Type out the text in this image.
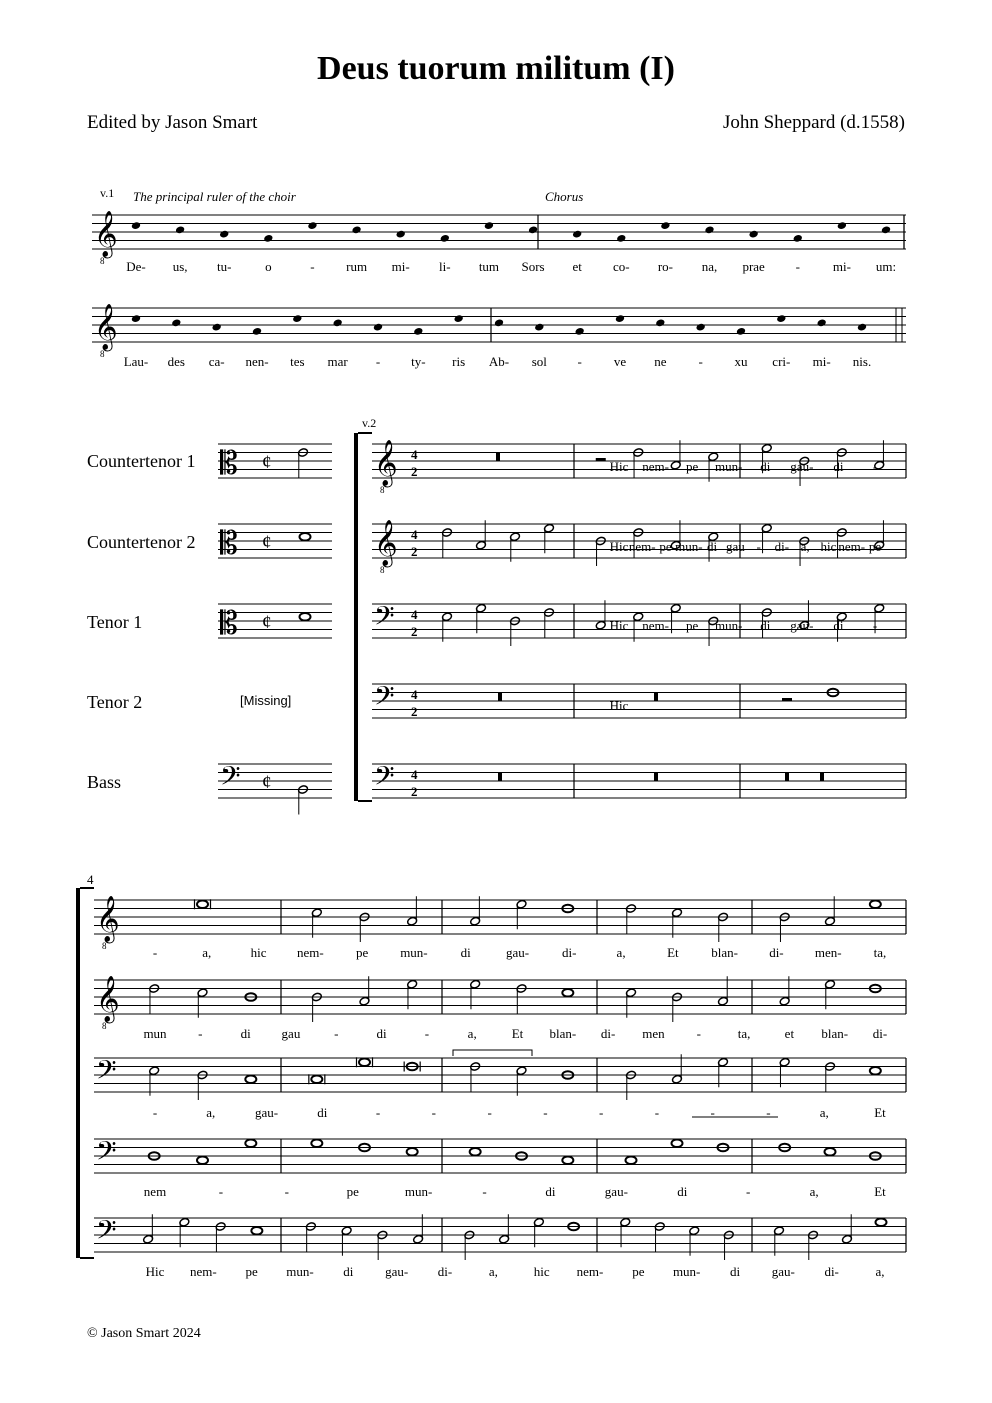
Deus tuorum militum (I)
Edited by Jason Smart	John Sheppard (d.1558)
v.1 The principal ruler of the choir	Chorus
v.2
4
Countertenor 1
Countertenor 2
Tenor 1
Tenor 2
Bass
[Missing]
© Jason Smart 2024
𝄞
8 De- us, tu-	o	- rum mi- li- tum Sors et co- ro- na, prae -	mi- um:
𝄞
8 Lau- des ca- nen- tes mar - ty- ris Ab- sol - ve ne - xu cri- mi- nis.
𝄡 ¢	𝄞
8
4
2	Hic nem- pe mun- di gau- di -
𝄡 ¢	𝄞
8
4
2	Hic nem- pe mun- di gau - di- a, hic nem- pe
𝄡 ¢	𝄢 4
2	Hic nem- pe mun- di gau- di -
𝄢 4
2	Hic
𝄢 ¢	𝄢 4
2
𝄞
8	-	a,	hic nem- pe mun-	di	gau-	di-	a,	Et	blan- di- men- ta,
𝄞
8	mun -	di gau	-	di	-	a,	Et blan- di- men -	ta,	et blan- di-
𝄢
-	a,	gau-	di	-	-	-	-	-	-	-	-	a,	Et
𝄢
nem	-	-	pe	mun-	-	di	gau-	di	-	a,	Et
𝄢
Hic nem- pe mun- di gau- di-	a,	hic nem- pe mun- di gau- di-	a,
